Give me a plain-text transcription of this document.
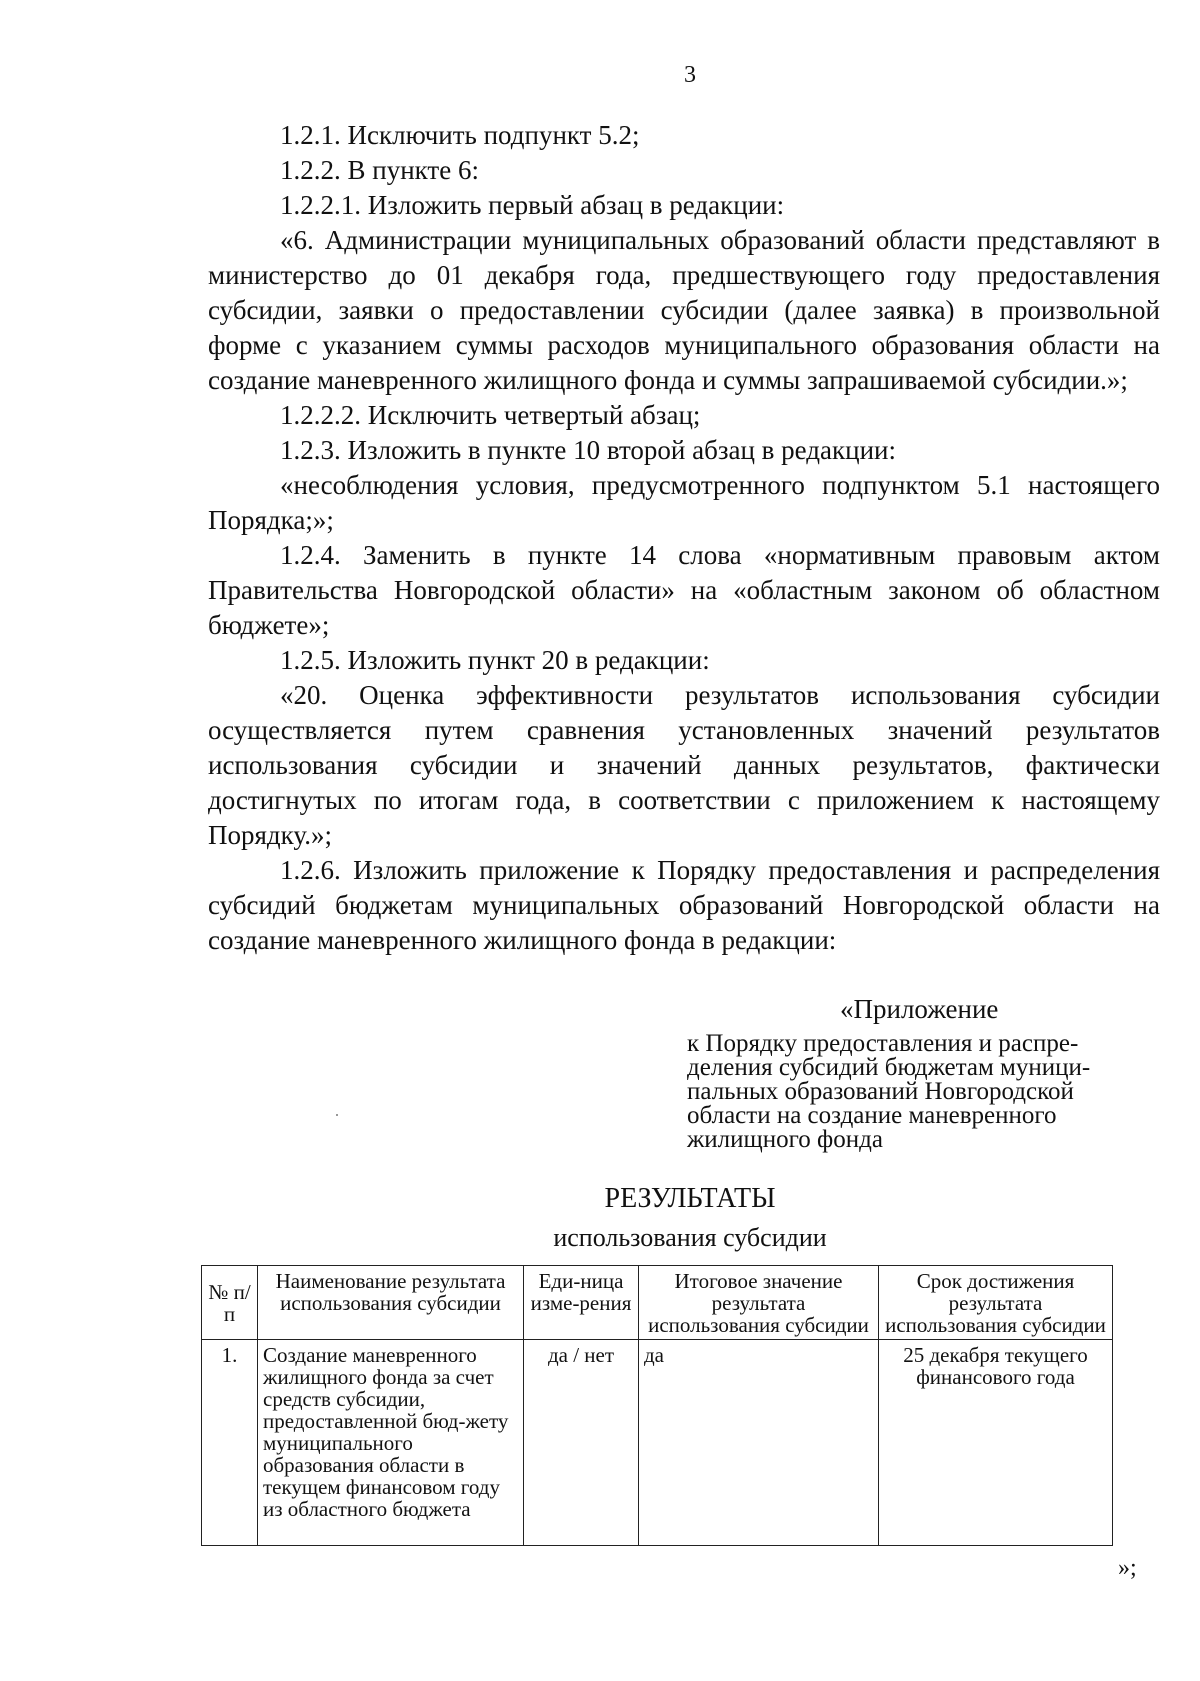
3

1.2.1. Исключить подпункт 5.2;

1.2.2. В пункте 6:

1.2.2.1. Изложить первый абзац в редакции:

«6. Администрации муниципальных образований области представляют в министерство до 01 декабря года, предшествующего году предоставления субсидии, заявки о предоставлении субсидии (далее заявка) в произвольной форме с указанием суммы расходов муниципального образования области на создание маневренного жилищного фонда и суммы запрашиваемой субсидии.»;

1.2.2.2. Исключить четвертый абзац;

1.2.3. Изложить в пункте 10 второй абзац в редакции:

«несоблюдения условия, предусмотренного подпунктом 5.1 настоящего Порядка;»;

1.2.4. Заменить в пункте 14 слова «нормативным правовым актом Правительства Новгородской области» на «областным законом об областном бюджете»;

1.2.5. Изложить пункт 20 в редакции:

«20. Оценка эффективности результатов использования субсидии осуществляется путем сравнения установленных значений результатов использования субсидии и значений данных результатов, фактически достигнутых по итогам года, в соответствии с приложением к настоящему Порядку.»;

1.2.6. Изложить приложение к Порядку предоставления и распределения субсидий бюджетам муниципальных образований Новгородской области на создание маневренного жилищного фонда в редакции:

«Приложение
к Порядку предоставления и распре-деления субсидий бюджетам муници-пальных образований Новгородской области на создание маневренного жилищного фонда
РЕЗУЛЬТАТЫ
использования субсидии
№ п/п	Наименование результата использования субсидии	Еди-ница изме-рения	Итоговое значение результата использования субсидии	Срок достижения результата использования субсидии
1.	Создание маневренного жилищного фонда за счет средств субсидии, предоставленной бюд-жету муниципального образования области в текущем финансовом году из областного бюджета	да / нет	да	25 декабря текущего финансового года
»;
